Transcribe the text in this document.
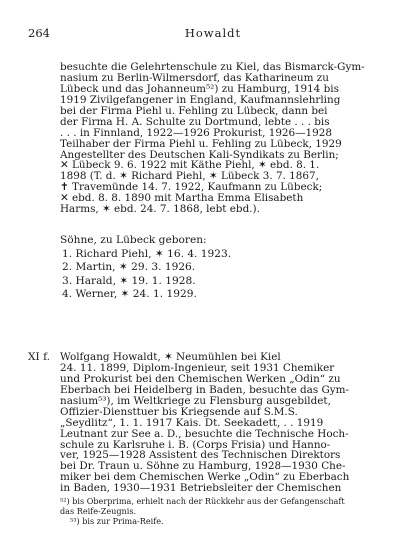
264	Howaldt
besuchte die Gelehrtenschule zu Kiel, das Bismarck-Gym-
nasium zu Berlin-Wilmersdorf, das Katharineum zu
Lübeck und das Johanneum⁵²) zu Hamburg, 1914 bis
1919 Zivilgefangener in England, Kaufmannslehrling
bei der Firma Piehl u. Fehling zu Lübeck, dann bei
der Firma H. A. Schulte zu Dortmund, lebte . . . bis
. . . in Finnland, 1922—1926 Prokurist, 1926—1928
Teilhaber der Firma Piehl u. Fehling zu Lübeck, 1929
Angestellter des Deutschen Kali-Syndikats zu Berlin;
✕ Lübeck 9. 6. 1922 mit Käthe Piehl, ✶ ebd. 8. 1.
1898 (T. d. ✶ Richard Piehl, ✶ Lübeck 3. 7. 1867,
✝ Travemünde 14. 7. 1922, Kaufmann zu Lübeck;
✕ ebd. 8. 8. 1890 mit Martha Emma Elisabeth
Harms, ✶ ebd. 24. 7. 1868, lebt ebd.).
Söhne, zu Lübeck geboren:
1. Richard Piehl, ✶ 16. 4. 1923.
2. Martin, ✶ 29. 3. 1926.
3. Harald, ✶ 19. 1. 1928.
4. Werner, ✶ 24. 1. 1929.
XI f. Wolfgang Howaldt, ✶ Neumühlen bei Kiel
24. 11. 1899, Diplom-Ingenieur, seit 1931 Chemiker
und Prokurist bei den Chemischen Werken „Odin“ zu
Eberbach bei Heidelberg in Baden, besuchte das Gym-
nasium⁵³), im Weltkriege zu Flensburg ausgebildet,
Offizier-Diensttuer bis Kriegsende auf S.M.S.
„Seydlitz“, 1. 1. 1917 Kais. Dt. Seekadett, . . 1919
Leutnant zur See a. D., besuchte die Technische Hoch-
schule zu Karlsruhe i. B. (Corps Frisia) und Hanno-
ver, 1925—1928 Assistent des Technischen Direktors
bei Dr. Traun u. Söhne zu Hamburg, 1928—1930 Che-
miker bei dem Chemischen Werke „Odin“ zu Eberbach
in Baden, 1930—1931 Betriebsleiter der Chemischen
⁵²) bis Oberprima, erhielt nach der Rückkehr aus der Gefangenschaft
das Reife-Zeugnis.
⁵³) bis zur Prima-Reife.
